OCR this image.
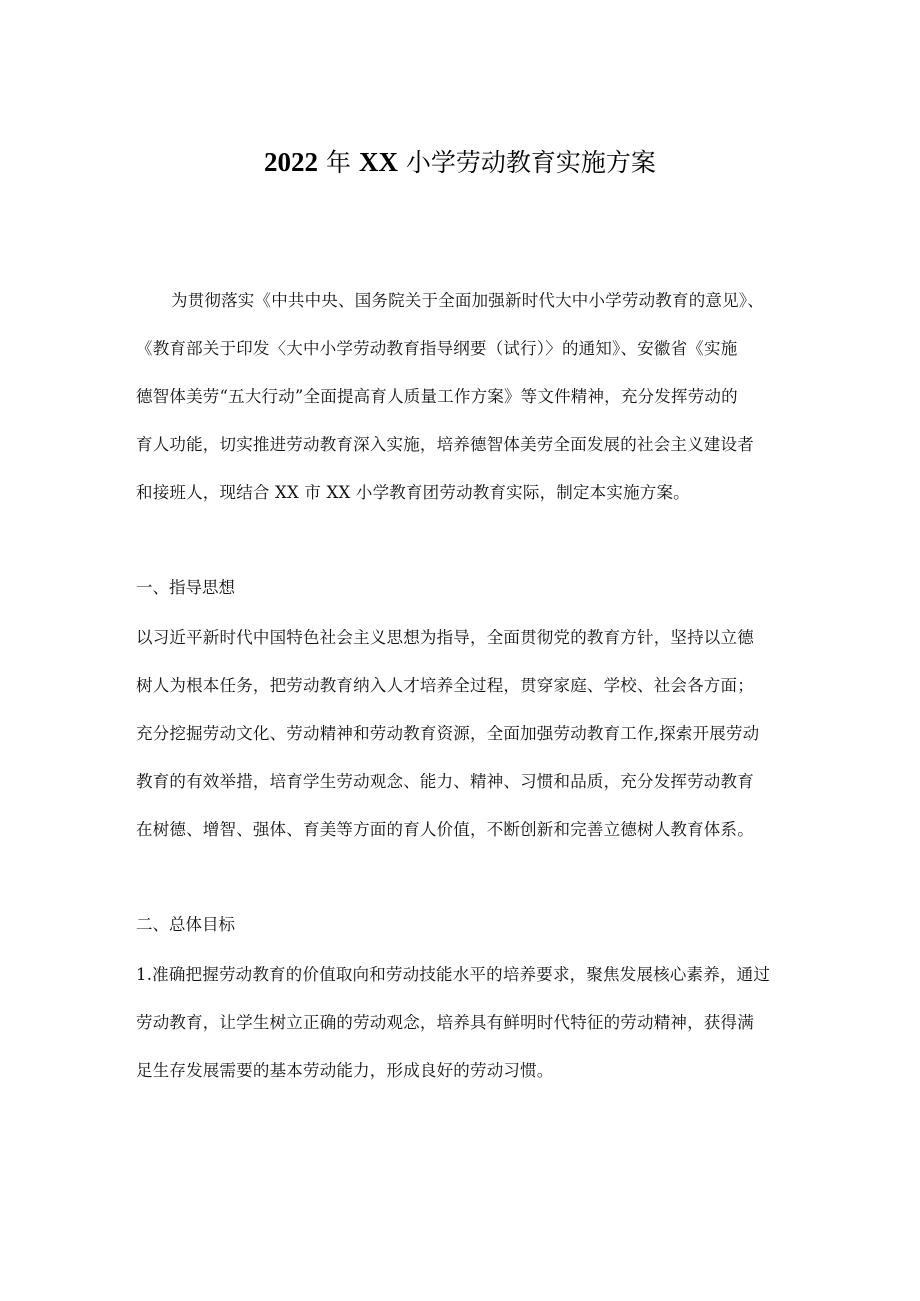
2022 年 XX 小学劳动教育实施方案
为贯彻落实《中共中央、国务院关于全面加强新时代大中小学劳动教育的意见》、
《教育部关于印发〈大中小学劳动教育指导纲要（试行）〉的通知》、安徽省《实施
德智体美劳“五大行动”全面提高育人质量工作方案》等文件精神，充分发挥劳动的
育人功能，切实推进劳动教育深入实施，培养德智体美劳全面发展的社会主义建设者
和接班人，现结合 XX 市 XX 小学教育团劳动教育实际，制定本实施方案。
一、指导思想
以习近平新时代中国特色社会主义思想为指导，全面贯彻党的教育方针，坚持以立德
树人为根本任务，把劳动教育纳入人才培养全过程，贯穿家庭、学校、社会各方面；
充分挖掘劳动文化、劳动精神和劳动教育资源，全面加强劳动教育工作,探索开展劳动
教育的有效举措，培育学生劳动观念、能力、精神、习惯和品质，充分发挥劳动教育
在树德、增智、强体、育美等方面的育人价值，不断创新和完善立德树人教育体系。
二、总体目标
1.准确把握劳动教育的价值取向和劳动技能水平的培养要求，聚焦发展核心素养，通过
劳动教育，让学生树立正确的劳动观念，培养具有鲜明时代特征的劳动精神，获得满
足生存发展需要的基本劳动能力，形成良好的劳动习惯。
